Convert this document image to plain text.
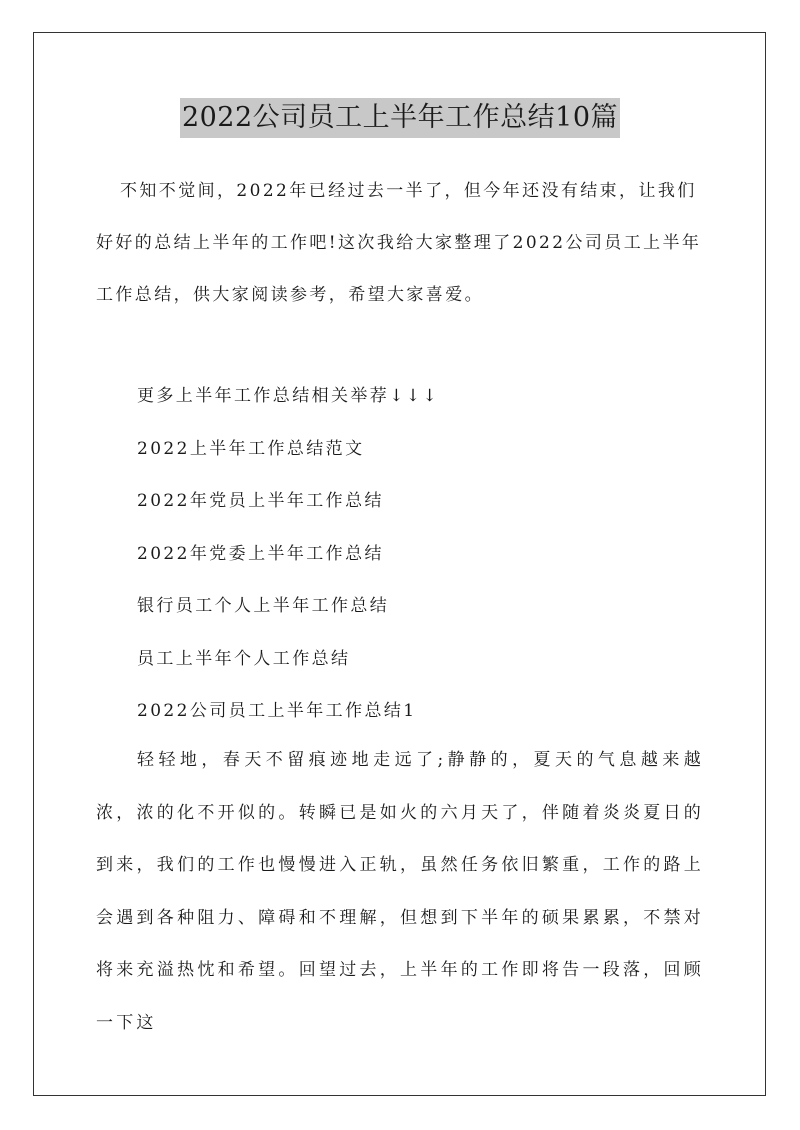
2022公司员工上半年工作总结10篇

不知不觉间，2022年已经过去一半了，但今年还没有结束，让我们好好的总结上半年的工作吧!这次我给大家整理了2022公司员工上半年工作总结，供大家阅读参考，希望大家喜爱。

更多上半年工作总结相关举荐↓↓↓
2022上半年工作总结范文
2022年党员上半年工作总结
2022年党委上半年工作总结
银行员工个人上半年工作总结
员工上半年个人工作总结
2022公司员工上半年工作总结1

轻轻地，春天不留痕迹地走远了;静静的，夏天的气息越来越浓，浓的化不开似的。转瞬已是如火的六月天了，伴随着炎炎夏日的到来，我们的工作也慢慢进入正轨，虽然任务依旧繁重，工作的路上会遇到各种阻力、障碍和不理解，但想到下半年的硕果累累，不禁对将来充溢热忱和希望。回望过去，上半年的工作即将告一段落，回顾一下这
